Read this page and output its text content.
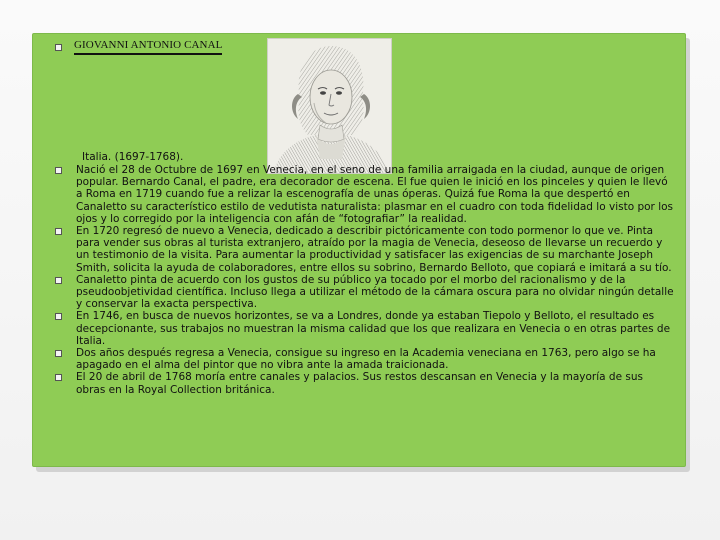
GIOVANNI ANTONIO CANAL
Italia. (1697-1768).
Nació el 28 de Octubre de 1697 en Venecia, en el seno de una familia arraigada en la ciudad, aunque de origen popular. Bernardo Canal, el padre, era decorador de escena. El fue quien le inició en los pinceles y quien le llevó a Roma en 1719 cuando fue a relizar la escenografía de unas óperas. Quizá fue Roma la que despertó en Canaletto su característico estilo de vedutista naturalista: plasmar en el cuadro con toda fidelidad lo visto por los ojos y lo corregido por la inteligencia con afán de “fotografiar” la realidad.
En 1720 regresó de nuevo a Venecia, dedicado a describir pictóricamente con todo pormenor lo que ve. Pinta para vender sus obras al turista extranjero, atraído por la magia de Venecia, deseoso de llevarse un recuerdo y un testimonio de la visita. Para aumentar la productividad y satisfacer las exigencias de su marchante Joseph Smith, solicita la ayuda de colaboradores, entre ellos su sobrino, Bernardo Belloto, que copiará e imitará a su tío.
Canaletto pinta de acuerdo con los gustos de su público ya tocado por el morbo del racionalismo y de la pseudoobjetividad científica. Incluso llega a utilizar el método de la cámara oscura para no olvidar ningún detalle y conservar la exacta perspectiva.
En 1746, en busca de nuevos horizontes, se va a Londres, donde ya estaban Tiepolo y Belloto, el resultado es decepcionante, sus trabajos no muestran la misma calidad que los que realizara en Venecia o en otras partes de Italia.
Dos años después regresa a Venecia, consigue su ingreso en la Academia veneciana en 1763, pero algo se ha apagado en el alma del pintor que no vibra ante la amada traicionada.
El 20 de abril de 1768 moría entre canales y palacios. Sus restos descansan en Venecia y la mayoría de sus obras en la Royal Collection británica.
